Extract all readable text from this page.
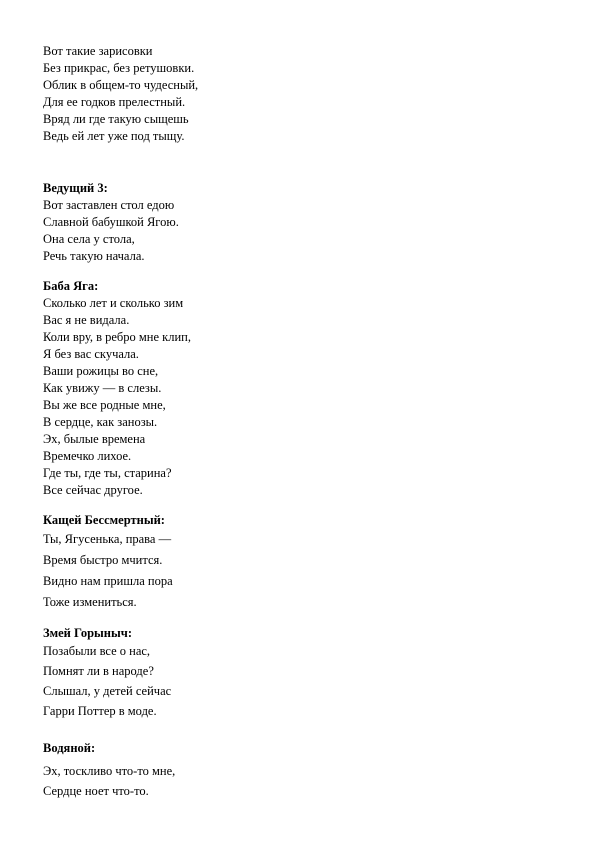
Вот такие зарисовки
Без прикрас, без ретушовки.
Облик в общем-то чудесный,
Для ее годков прелестный.
Вряд ли где такую сыщешь
Ведь ей лет уже под тыщу.
Ведущий 3:
Вот заставлен стол едою
Славной бабушкой Ягою.
Она села у стола,
Речь такую начала.
Баба Яга:
Сколько лет и сколько зим
Вас я не видала.
Коли вру, в ребро мне клип,
Я без вас скучала.
Ваши рожицы во сне,
Как увижу — в слезы.
Вы же все родные мне,
В сердце, как занозы.
Эх, былые времена
Времечко лихое.
Где ты, где ты, старина?
Все сейчас другое.
Кащей Бессмертный:
Ты, Ягусенька, права —
Время быстро мчится.
Видно нам пришла пора
Тоже измениться.
Змей Горыныч:
Позабыли все о нас,
Помнят ли в народе?
Слышал, у детей сейчас
Гарри Поттер в моде.
Водяной:
Эх, тоскливо что-то мне,
Сердце ноет что-то.
